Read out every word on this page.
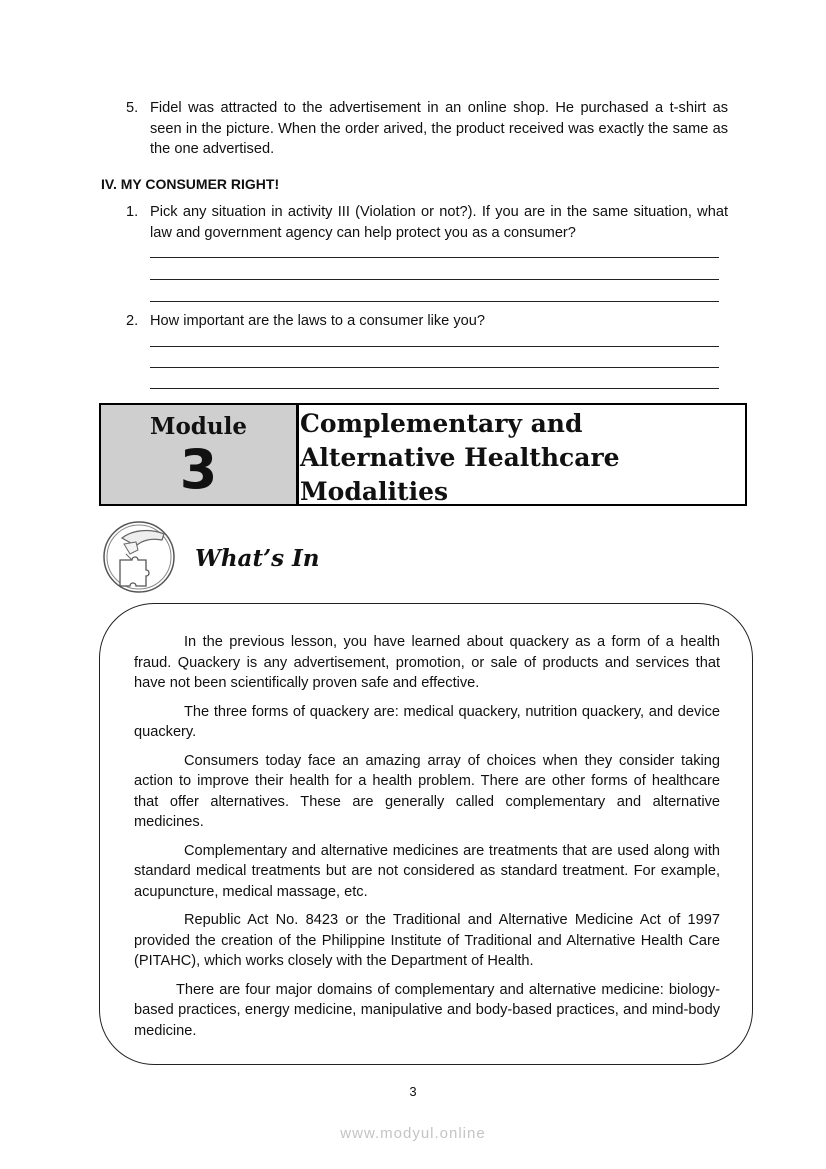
5. Fidel was attracted to the advertisement in an online shop. He purchased a t-shirt as seen in the picture. When the order arived, the product received was exactly the same as the one advertised.

IV. MY CONSUMER RIGHT!
1. Pick any situation in activity III (Violation or not?). If you are in the same situation, what law and government agency can help protect you as a consumer?

2. How important are the laws to a consumer like you?

Module
3
Complementary and
Alternative Healthcare
Modalities
What’s In

In the previous lesson, you have learned about quackery as a form of a health fraud. Quackery is any advertisement, promotion, or sale of products and services that have not been scientifically proven safe and effective.

The three forms of quackery are: medical quackery, nutrition quackery, and device quackery.

Consumers today face an amazing array of choices when they consider taking action to improve their health for a health problem. There are other forms of healthcare that offer alternatives. These are generally called complementary and alternative medicines.

Complementary and alternative medicines are treatments that are used along with standard medical treatments but are not considered as standard treatment. For example, acupuncture, medical massage, etc.

Republic Act No. 8423 or the Traditional and Alternative Medicine Act of 1997 provided the creation of the Philippine Institute of Traditional and Alternative Health Care (PITAHC), which works closely with the Department of Health.

There are four major domains of complementary and alternative medicine: biology-based practices, energy medicine, manipulative and body-based practices, and mind-body medicine.

3
www.modyul.online
